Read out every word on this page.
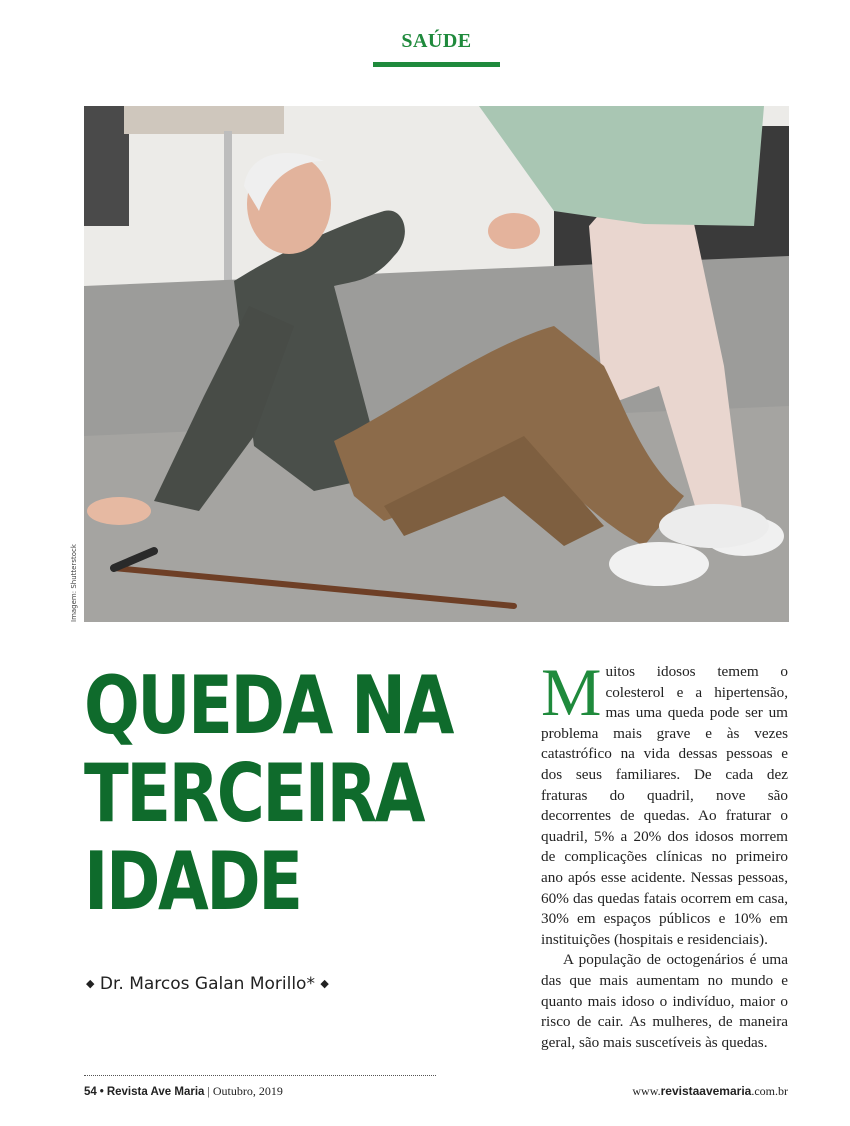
SAÚDE
Imagem: Shutterstock
QUEDA NA
TERCEIRA
IDADE
◆ Dr. Marcos Galan Morillo* ◆

Muitos idosos temem o colesterol e a hipertensão, mas uma queda pode ser um problema mais grave e às vezes catastrófico na vida dessas pessoas e dos seus familiares. De cada dez fraturas do quadril, nove são decorrentes de quedas. Ao fraturar o quadril, 5% a 20% dos idosos morrem de complicações clínicas no primeiro ano após esse acidente. Nessas pessoas, 60% das quedas fatais ocorrem em casa, 30% em espaços públicos e 10% em instituições (hospitais e residenciais).

A população de octogenários é uma das que mais aumentam no mundo e quanto mais idoso o indivíduo, maior o risco de cair. As mulheres, de maneira geral, são mais suscetíveis às quedas.

54 • Revista Ave Maria | Outubro, 2019	www.revistaavemaria.com.br
